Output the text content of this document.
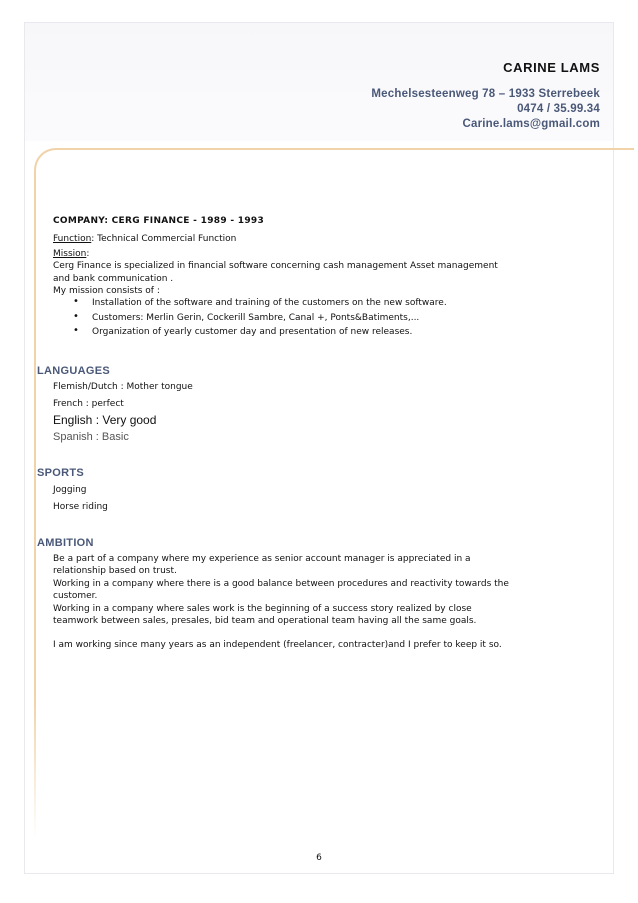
CARINE LAMS
Mechelsesteenweg 78 – 1933 Sterrebeek
0474 / 35.99.34
Carine.lams@gmail.com
COMPANY: CERG FINANCE - 1989 - 1993
Function: Technical Commercial Function
Mission:
Cerg Finance is specialized in financial software concerning cash management Asset management and bank communication .
My mission consists of :
• Installation of the software and training of the customers on the new software.
• Customers: Merlin Gerin, Cockerill Sambre, Canal +, Ponts&Batiments,...
• Organization of yearly customer day and presentation of new releases.
LANGUAGES
Flemish/Dutch : Mother tongue
French : perfect
English : Very good
Spanish : Basic
SPORTS
Jogging
Horse riding
AMBITION

Be a part of a company where my experience as senior account manager is appreciated in a relationship based on trust.

Working in a company where there is a good balance between procedures and reactivity towards the customer.

Working in a company where sales work is the beginning of a success story realized by close teamwork between sales, presales, bid team and operational team having all the same goals.

I am working since many years as an independent (freelancer, contracter)and I prefer to keep it so.

6
